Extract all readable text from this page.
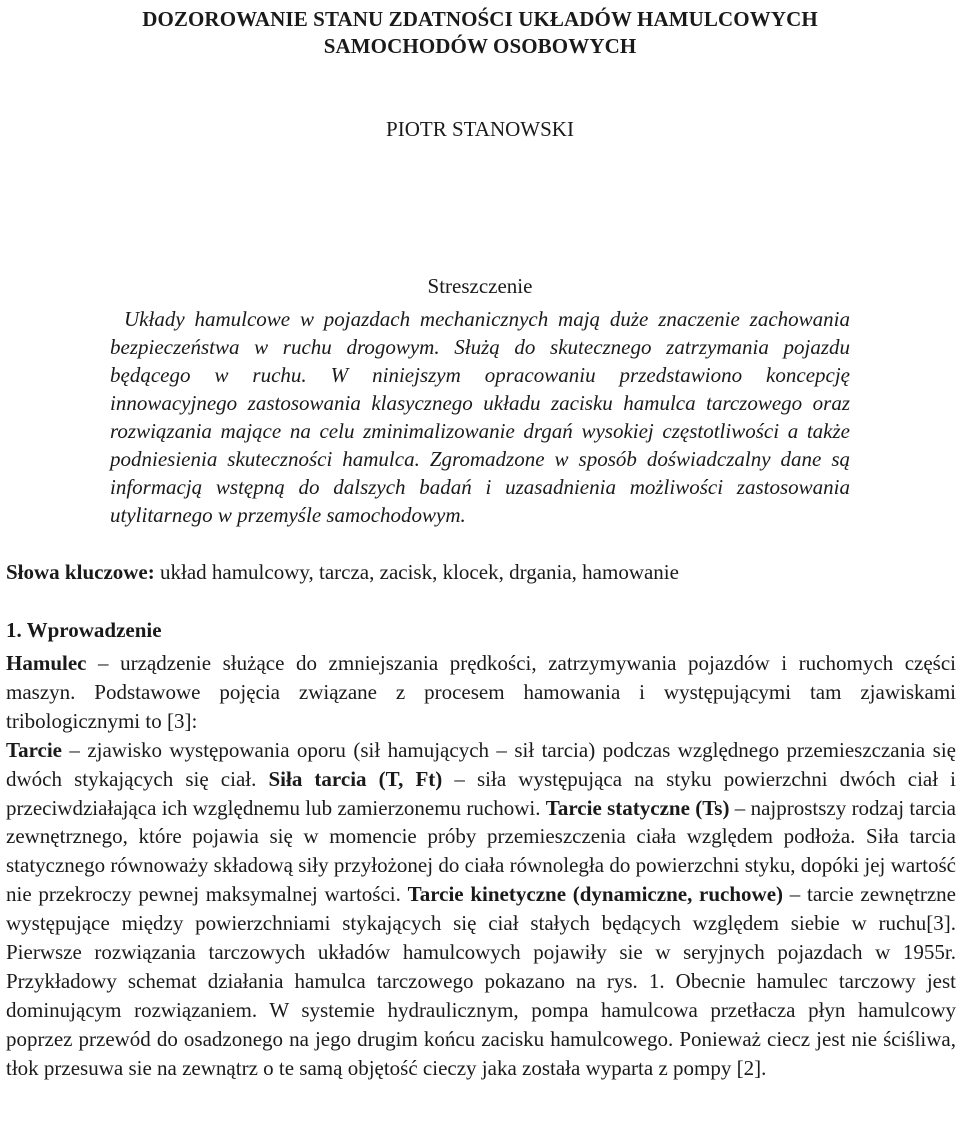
DOZOROWANIE STANU ZDATNOŚCI UKŁADÓW HAMULCOWYCH
SAMOCHODÓW OSOBOWYCH
PIOTR STANOWSKI
Streszczenie

Układy hamulcowe w pojazdach mechanicznych mają duże znaczenie zachowania bezpieczeństwa w ruchu drogowym. Służą do skutecznego zatrzymania pojazdu będącego w ruchu. W niniejszym opracowaniu przedstawiono koncepcję innowacyjnego zastosowania klasycznego układu zacisku hamulca tarczowego oraz rozwiązania mające na celu zminimalizowanie drgań wysokiej częstotliwości a także podniesienia skuteczności hamulca. Zgromadzone w sposób doświadczalny dane są informacją wstępną do dalszych badań i uzasadnienia możliwości zastosowania utylitarnego w przemyśle samochodowym.

Słowa kluczowe: układ hamulcowy, tarcza, zacisk, klocek, drgania, hamowanie

1. Wprowadzenie

Hamulec – urządzenie służące do zmniejszania prędkości, zatrzymywania pojazdów i ruchomych części maszyn. Podstawowe pojęcia związane z procesem hamowania i występującymi tam zjawiskami tribologicznymi to [3]:
Tarcie – zjawisko występowania oporu (sił hamujących – sił tarcia) podczas względnego przemieszczania się dwóch stykających się ciał. Siła tarcia (T, Ft) – siła występująca na styku powierzchni dwóch ciał i przeciwdziałająca ich względnemu lub zamierzonemu ruchowi. Tarcie statyczne (Ts) – najprostszy rodzaj tarcia zewnętrznego, które pojawia się w momencie próby przemieszczenia ciała względem podłoża. Siła tarcia statycznego równoważy składową siły przyłożonej do ciała równoległa do powierzchni styku, dopóki jej wartość nie przekroczy pewnej maksymalnej wartości. Tarcie kinetyczne (dynamiczne, ruchowe) – tarcie zewnętrzne występujące między powierzchniami stykających się ciał stałych będących względem siebie w ruchu[3]. Pierwsze rozwiązania tarczowych układów hamulcowych pojawiły sie w seryjnych pojazdach w 1955r. Przykładowy schemat działania hamulca tarczowego pokazano na rys. 1. Obecnie hamulec tarczowy jest dominującym rozwiązaniem. W systemie hydraulicznym, pompa hamulcowa przetłacza płyn hamulcowy poprzez przewód do osadzonego na jego drugim końcu zacisku hamulcowego. Ponieważ ciecz jest nie ściśliwa, tłok przesuwa sie na zewnątrz o te samą objętość cieczy jaka została wyparta z pompy [2].
